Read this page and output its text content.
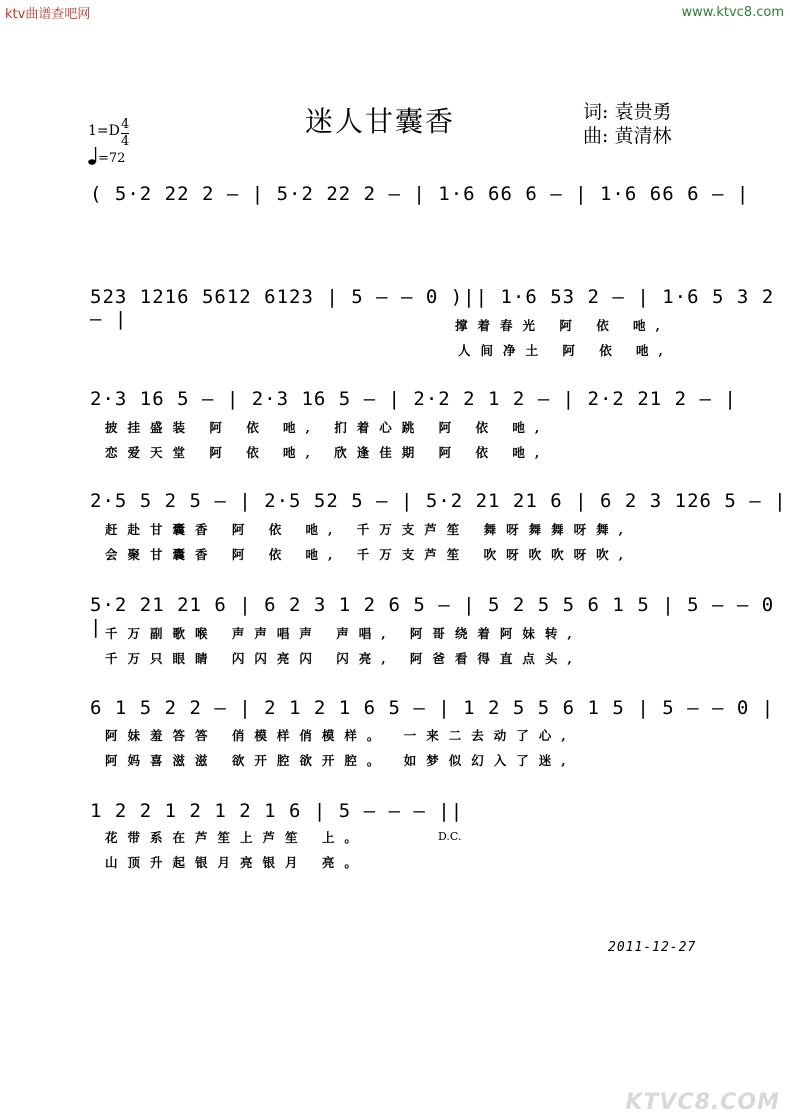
ktv曲谱查吧网	www.ktvc8.com
迷人甘囊香	词: 袁贵勇
曲: 黄清林
$1=D \frac{4}{4}$
=72
( 5·2 22 2 – | 5·2 22 2 – | 1·6 66 6 – | 1·6 66 6 – |
523 1216 5612 6123 | 5 – – 0 )|| 1·6 53 2 – | 1·6 5 3 2 – |	撑着春光 阿 依 吔,
人间净土 阿 依 吔,
2·3 16 5 – | 2·3 16 5 – | 2·2 2 1 2 – | 2·2 21 2 – |
披挂盛装 阿 依 吔, 扪着心跳 阿 依 吔,
恋爱天堂 阿 依 吔, 欣逢佳期 阿 依 吔,
2·5 5 2 5 – | 2·5 52 5 – | 5·2 21 21 6 | 6 2 3 126 5 – |
赶赴甘囊香 阿 依 吔, 千万支芦笙 舞呀舞舞呀舞,
会聚甘囊香 阿 依 吔, 千万支芦笙 吹呀吹吹呀吹,
5·2 21 21 6 | 6 2 3 1 2 6 5 – | 5 2 5 5 6 1 5 | 5 – – 0 | 千万副歌喉 声声唱声 声唱, 阿哥绕着阿妹转,
千万只眼睛 闪闪亮闪 闪亮, 阿爸看得直点头,
6 1 5 2 2 – | 2 1 2 1 6 5 – | 1 2 5 5 6 1 5 | 5 – – 0 |
阿妹羞答答 俏模样俏模样。 一来二去动了心,
阿妈喜滋滋 欲开腔欲开腔。 如梦似幻入了迷,
1 2 2 1 2 1 2 1 6 | 5 – – – ||
花带系在芦笙上芦笙 上。
山顶升起银月亮银月 亮。
D.C.
2011-12-27
KTVC8.COM
